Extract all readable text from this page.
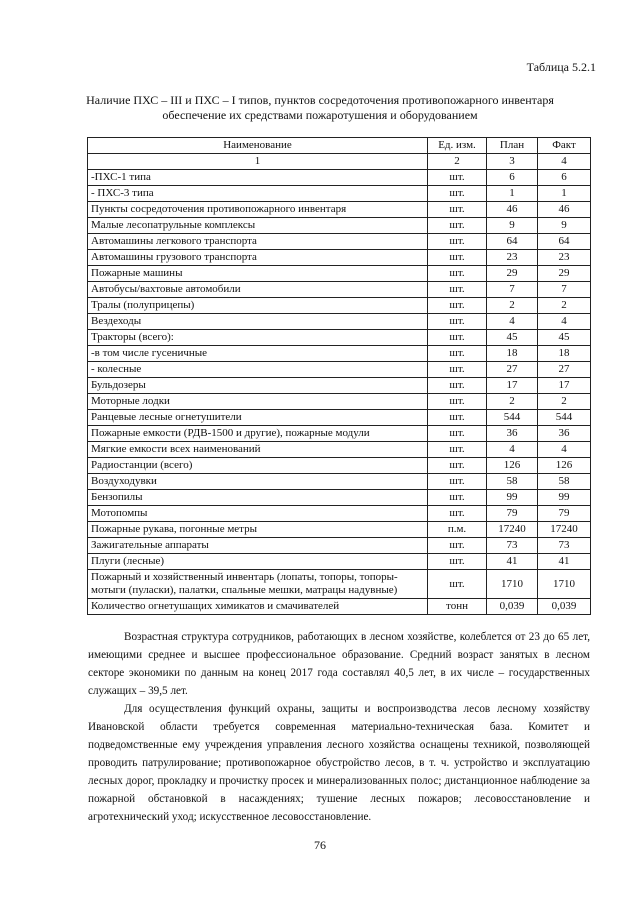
Таблица 5.2.1

Наличие ПХС – III и ПХС – I типов, пунктов сосредоточения противопожарного инвентаря обеспечение их средствами пожаротушения и оборудованием

Наименование	Ед. изм.	План	Факт
1	2	3	4
-ПХС-1 типа	шт.	6	6
- ПХС-3 типа	шт.	1	1
Пункты сосредоточения противопожарного инвентаря	шт.	46	46
Малые лесопатрульные комплексы	шт.	9	9
Автомашины легкового транспорта	шт.	64	64
Автомашины грузового транспорта	шт.	23	23
Пожарные машины	шт.	29	29
Автобусы/вахтовые автомобили	шт.	7	7
Тралы (полуприцепы)	шт.	2	2
Вездеходы	шт.	4	4
Тракторы (всего):	шт.	45	45
-в том числе гусеничные	шт.	18	18
- колесные	шт.	27	27
Бульдозеры	шт.	17	17
Моторные лодки	шт.	2	2
Ранцевые лесные огнетушители	шт.	544	544
Пожарные емкости (РДВ-1500 и другие), пожарные модули	шт.	36	36
Мягкие емкости всех наименований	шт.	4	4
Радиостанции (всего)	шт.	126	126
Воздуходувки	шт.	58	58
Бензопилы	шт.	99	99
Мотопомпы	шт.	79	79
Пожарные рукава, погонные метры	п.м.	17240	17240
Зажигательные аппараты	шт.	73	73
Плуги (лесные)	шт.	41	41
Пожарный и хозяйственный инвентарь (лопаты, топоры, топоры-мотыги (пуласки), палатки, спальные мешки, матрацы надувные)	шт.	1710	1710
Количество огнетушащих химикатов и смачивателей	тонн	0,039	0,039

Возрастная структура сотрудников, работающих в лесном хозяйстве, колеблется от 23 до 65 лет, имеющими среднее и высшее профессиональное образование. Средний возраст занятых в лесном секторе экономики по данным на конец 2017 года составлял 40,5 лет, в их числе – государственных служащих – 39,5 лет.

Для осуществления функций охраны, защиты и воспроизводства лесов лесному хозяйству Ивановской области требуется современная материально-техническая база. Комитет и подведомственные ему учреждения управления лесного хозяйства оснащены техникой, позволяющей проводить патрулирование; противопожарное обустройство лесов, в т. ч. устройство и эксплуатацию лесных дорог, прокладку и прочистку просек и минерализованных полос; дистанционное наблюдение за пожарной обстановкой в насаждениях; тушение лесных пожаров; лесовосстановление и агротехнический уход; искусственное лесовосстановление.

76
